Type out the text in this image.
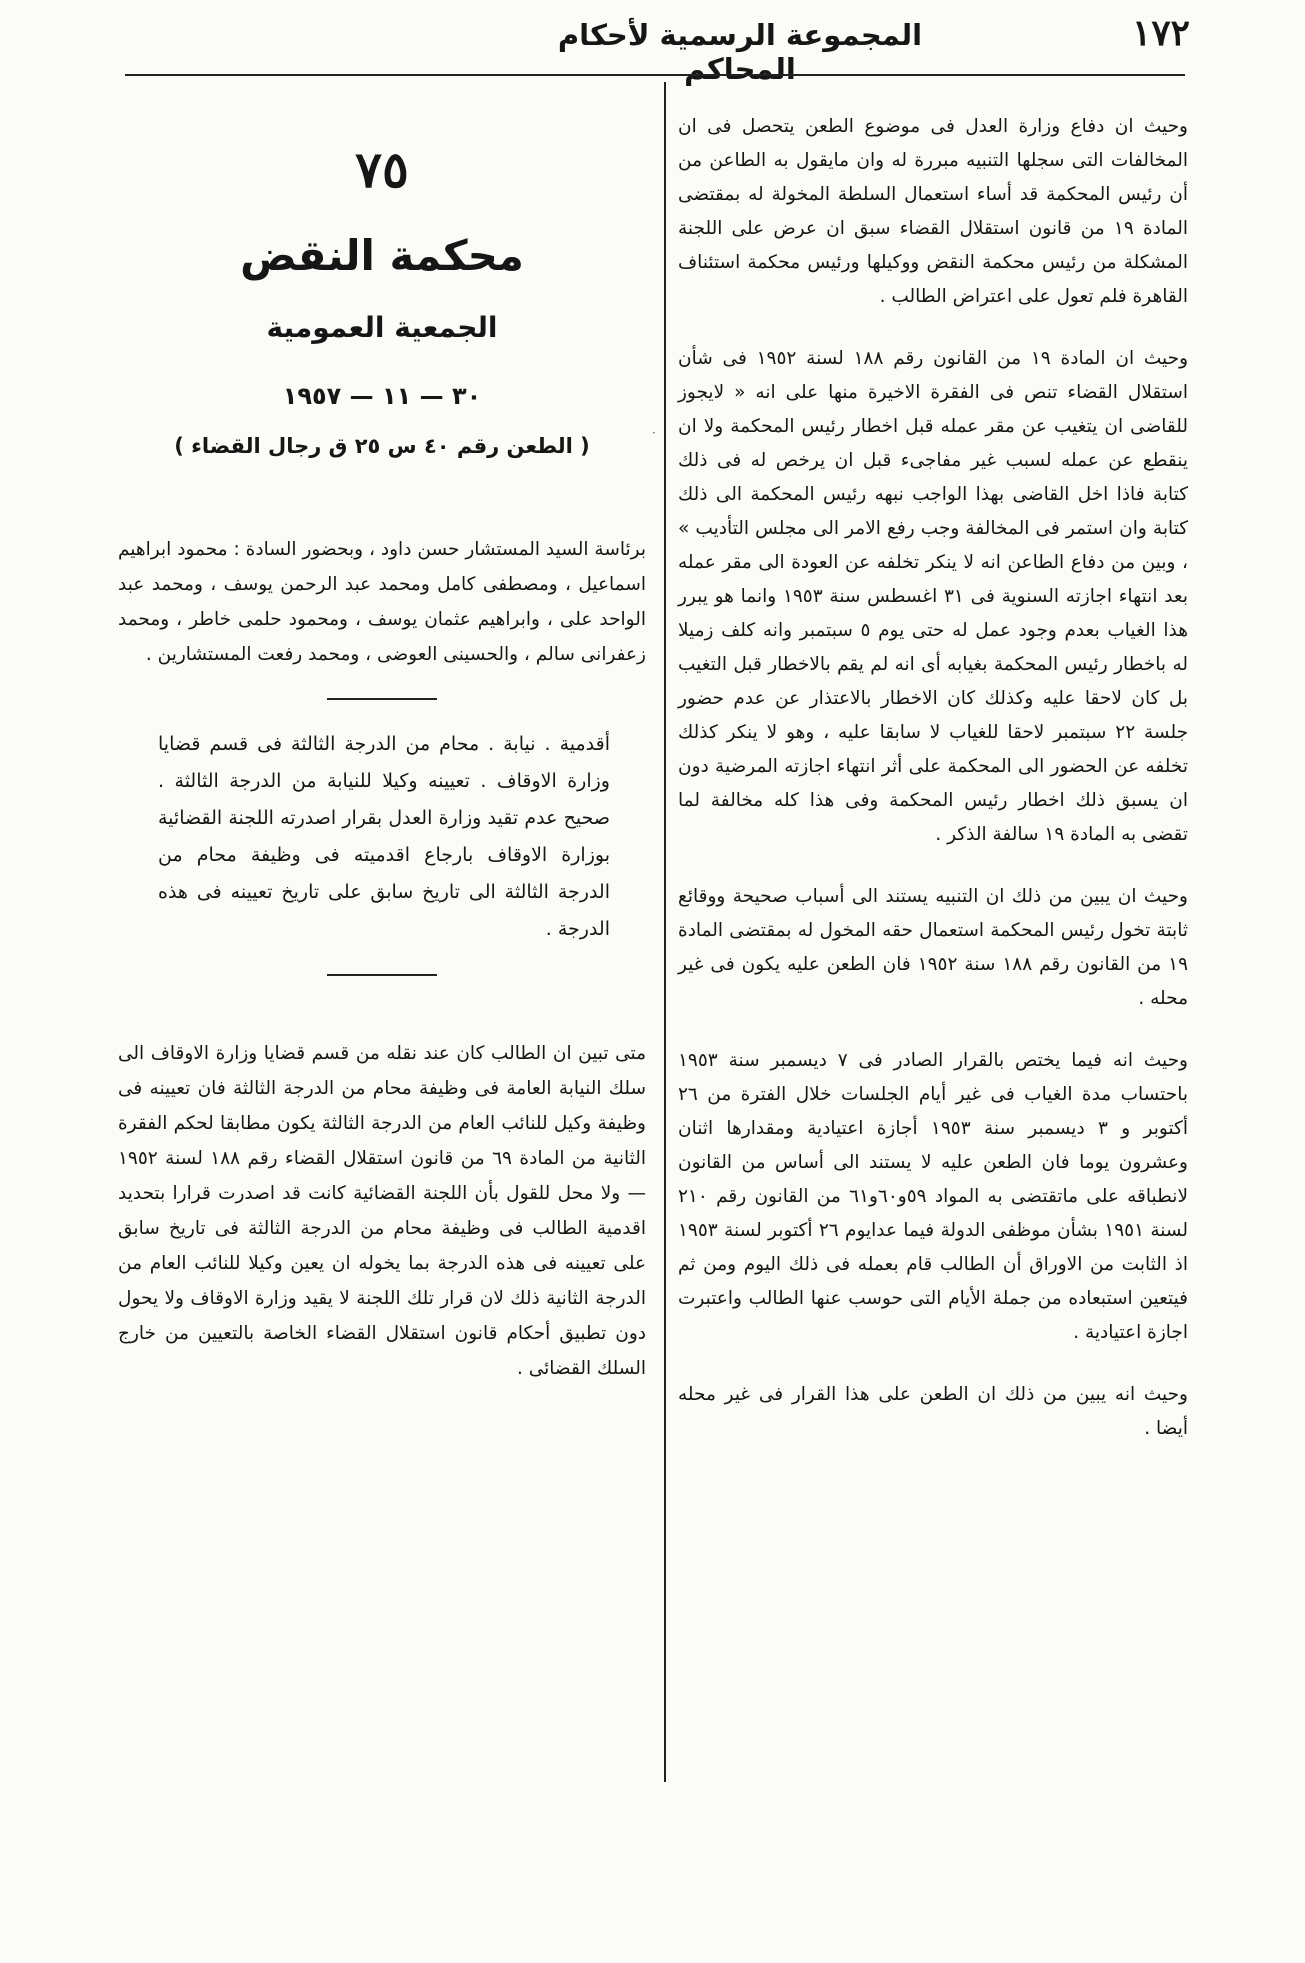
١٧٢
المجموعة الرسمية لأحكام المحاكم
·

وحيث ان دفاع وزارة العدل فى موضوع الطعن يتحصل فى ان المخالفات التى سجلها التنبيه مبررة له وان مايقول به الطاعن من أن رئيس المحكمة قد أساء استعمال السلطة المخولة له بمقتضى المادة ١٩ من قانون استقلال القضاء سبق ان عرض على اللجنة المشكلة من رئيس محكمة النقض ووكيلها ورئيس محكمة استئناف القاهرة فلم تعول على اعتراض الطالب .

وحيث ان المادة ١٩ من القانون رقم ١٨٨ لسنة ١٩٥٢ فى شأن استقلال القضاء تنص فى الفقرة الاخيرة منها على انه « لايجوز للقاضى ان يتغيب عن مقر عمله قبل اخطار رئيس المحكمة ولا ان ينقطع عن عمله لسبب غير مفاجىء قبل ان يرخص له فى ذلك كتابة فاذا اخل القاضى بهذا الواجب نبهه رئيس المحكمة الى ذلك كتابة وان استمر فى المخالفة وجب رفع الامر الى مجلس التأديب » ، وبين من دفاع الطاعن انه لا ينكر تخلفه عن العودة الى مقر عمله بعد انتهاء اجازته السنوية فى ٣١ اغسطس سنة ١٩٥٣ وانما هو يبرر هذا الغياب بعدم وجود عمل له حتى يوم ٥ سبتمبر وانه كلف زميلا له باخطار رئيس المحكمة بغيابه أى انه لم يقم بالاخطار قبل التغيب بل كان لاحقا عليه وكذلك كان الاخطار بالاعتذار عن عدم حضور جلسة ٢٢ سبتمبر لاحقا للغياب لا سابقا عليه ، وهو لا ينكر كذلك تخلفه عن الحضور الى المحكمة على أثر انتهاء اجازته المرضية دون ان يسبق ذلك اخطار رئيس المحكمة وفى هذا كله مخالفة لما تقضى به المادة ١٩ سالفة الذكر .

وحيث ان يبين من ذلك ان التنبيه يستند الى أسباب صحيحة ووقائع ثابتة تخول رئيس المحكمة استعمال حقه المخول له بمقتضى المادة ١٩ من القانون رقم ١٨٨ سنة ١٩٥٢ فان الطعن عليه يكون فى غير محله .

وحيث انه فيما يختص بالقرار الصادر فى ٧ ديسمبر سنة ١٩٥٣ باحتساب مدة الغياب فى غير أيام الجلسات خلال الفترة من ٢٦ أكتوبر و ٣ ديسمبر سنة ١٩٥٣ أجازة اعتيادية ومقدارها اثنان وعشرون يوما فان الطعن عليه لا يستند الى أساس من القانون لانطباقه على ماتقتضى به المواد ٥٩و٦٠و٦١ من القانون رقم ٢١٠ لسنة ١٩٥١ بشأن موظفى الدولة فيما عدايوم ٢٦ أكتوبر لسنة ١٩٥٣ اذ الثابت من الاوراق أن الطالب قام بعمله فى ذلك اليوم ومن ثم فيتعين استبعاده من جملة الأيام التى حوسب عنها الطالب واعتبرت اجازة اعتيادية .

وحيث انه يبين من ذلك ان الطعن على هذا القرار فى غير محله أيضا .

٧٥
محكمة النقض
الجمعية العمومية
٣٠ — ١١ — ١٩٥٧
( الطعن رقم ٤٠ س ٢٥ ق رجال القضاء )
برئاسة السيد المستشار حسن داود ، وبحضور السادة : محمود ابراهيم اسماعيل ، ومصطفى كامل ومحمد عبد الرحمن يوسف ، ومحمد عبد الواحد على ، وابراهيم عثمان يوسف ، ومحمود حلمى خاطر ، ومحمد زعفرانى سالم ، والحسينى العوضى ، ومحمد رفعت المستشارين .
أقدمية . نيابة . محام من الدرجة الثالثة فى قسم قضايا وزارة الاوقاف . تعيينه وكيلا للنيابة من الدرجة الثالثة . صحيح عدم تقيد وزارة العدل بقرار اصدرته اللجنة القضائية بوزارة الاوقاف بارجاع اقدميته فى وظيفة محام من الدرجة الثالثة الى تاريخ سابق على تاريخ تعيينه فى هذه الدرجة .
متى تبين ان الطالب كان عند نقله من قسم قضايا وزارة الاوقاف الى سلك النيابة العامة فى وظيفة محام من الدرجة الثالثة فان تعيينه فى وظيفة وكيل للنائب العام من الدرجة الثالثة يكون مطابقا لحكم الفقرة الثانية من المادة ٦٩ من قانون استقلال القضاء رقم ١٨٨ لسنة ١٩٥٢ — ولا محل للقول بأن اللجنة القضائية كانت قد اصدرت قرارا بتحديد اقدمية الطالب فى وظيفة محام من الدرجة الثالثة فى تاريخ سابق على تعيينه فى هذه الدرجة بما يخوله ان يعين وكيلا للنائب العام من الدرجة الثانية ذلك لان قرار تلك اللجنة لا يقيد وزارة الاوقاف ولا يحول دون تطبيق أحكام قانون استقلال القضاء الخاصة بالتعيين من خارج السلك القضائى .
